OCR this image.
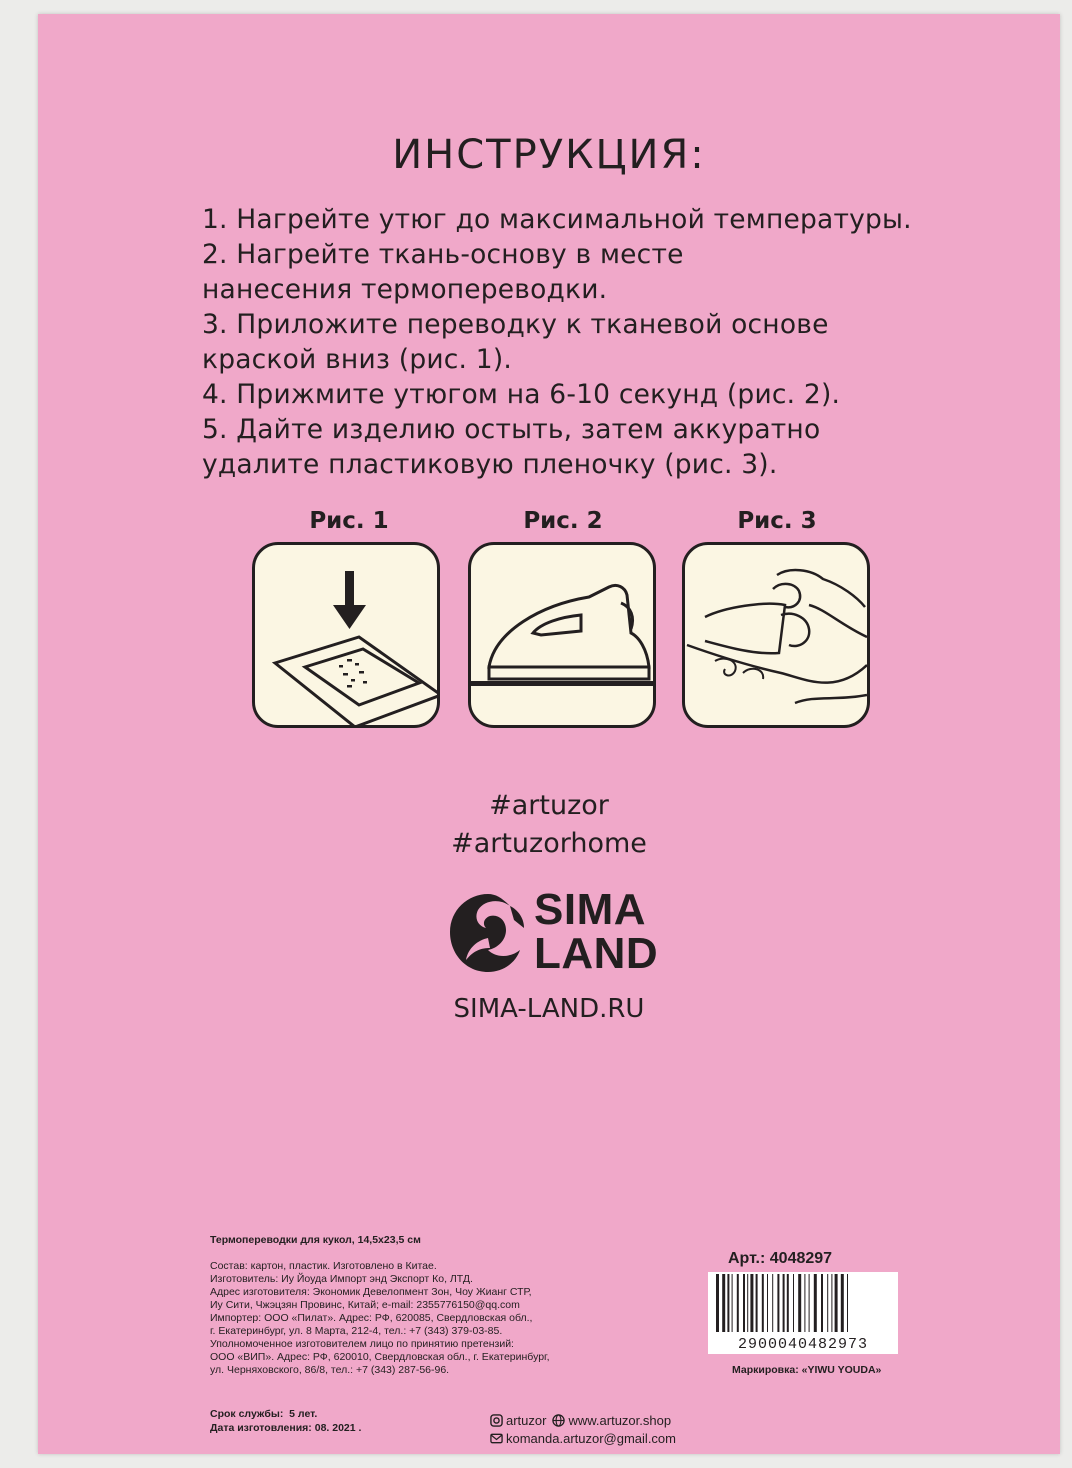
ИНСТРУКЦИЯ:
1. Нагрейте утюг до максимальной температуры.
2. Нагрейте ткань-основу в месте
нанесения термопереводки.
3. Приложите переводку к тканевой основе
краской вниз (рис. 1).
4. Прижмите утюгом на 6-10 секунд (рис. 2).
5. Дайте изделию остыть, затем аккуратно
удалите пластиковую пленочку (рис. 3).
Рис. 1	Рис. 2	Рис. 3
#artuzor
#artuzorhome
SIMA
LAND
SIMA-LAND.RU
Термопереводки для кукол, 14,5х23,5 см

Состав: картон, пластик. Изготовлено в Китае.

Изготовитель: Иу Йоуда Импорт энд Экспорт Ко, ЛТД.

Адрес изготовителя: Экономик Девелопмент Зон, Чоу Жианг СТР,

Иу Сити, Чжэцзян Провинс, Китай; e-mail: 2355776150@qq.com

Импортер: ООО «Пилат». Адрес: РФ, 620085, Свердловская обл.,

г. Екатеринбург, ул. 8 Марта, 212-4, тел.: +7 (343) 379-03-85.

Уполномоченное изготовителем лицо по принятию претензий:

ООО «ВИП». Адрес: РФ, 620010, Свердловская обл., г. Екатеринбург,

ул. Черняховского, 86/8, тел.: +7 (343) 287-56-96.

Срок службы: 5 лет.
Дата изготовления: 08. 2021 .
Арт.: 4048297
2900040482973
Маркировка: «YIWU YOUDA»
artuzor www.artuzor.shop
komanda.artuzor@gmail.com
